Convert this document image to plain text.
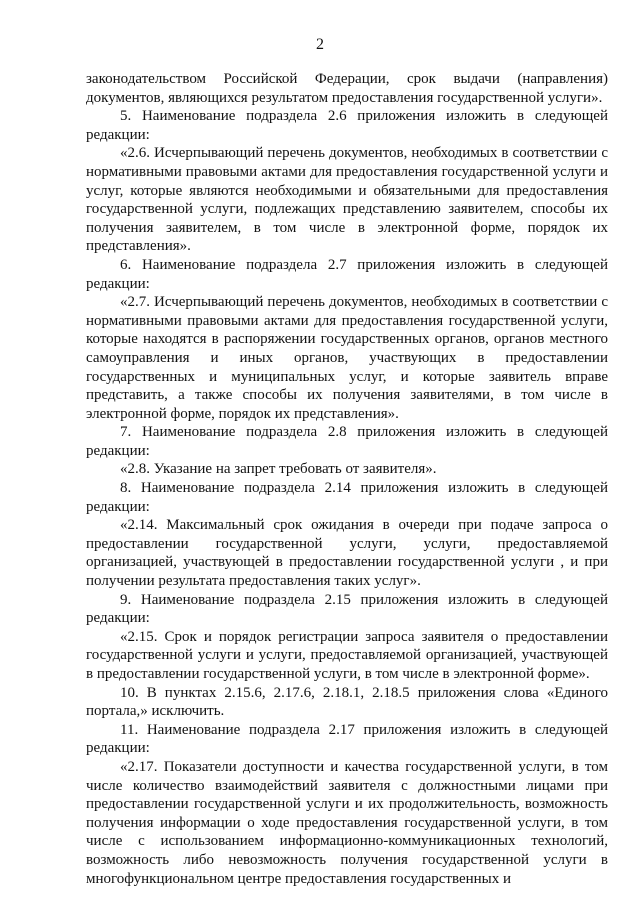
2

законодательством Российской Федерации, срок выдачи (направления) документов, являющихся результатом предоставления государственной услуги».

5. Наименование подраздела 2.6 приложения изложить в следующей редакции:

«2.6. Исчерпывающий перечень документов, необходимых в соответствии с нормативными правовыми актами для предоставления государственной услуги и услуг, которые являются необходимыми и обязательными для предоставления государственной услуги, подлежащих представлению заявителем, способы их получения заявителем, в том числе в электронной форме, порядок их представления».

6. Наименование подраздела 2.7 приложения изложить в следующей редакции:

«2.7. Исчерпывающий перечень документов, необходимых в соответствии с нормативными правовыми актами для предоставления государственной услуги, которые находятся в распоряжении государственных органов, органов местного самоуправления и иных органов, участвующих в предоставлении государственных и муниципальных услуг, и которые заявитель вправе представить, а также способы их получения заявителями, в том числе в электронной форме, порядок их представления».

7. Наименование подраздела 2.8 приложения изложить в следующей редакции:

«2.8. Указание на запрет требовать от заявителя».

8. Наименование подраздела 2.14 приложения изложить в следующей редакции:

«2.14. Максимальный срок ожидания в очереди при подаче запроса о предоставлении государственной услуги, услуги, предоставляемой организацией, участвующей в предоставлении государственной услуги , и при получении результата предоставления таких услуг».

9. Наименование подраздела 2.15 приложения изложить в следующей редакции:

«2.15. Срок и порядок регистрации запроса заявителя о предоставлении государственной услуги и услуги, предоставляемой организацией, участвующей в предоставлении государственной услуги, в том числе в электронной форме».

10. В пунктах 2.15.6, 2.17.6, 2.18.1, 2.18.5 приложения слова «Единого портала,» исключить.

11. Наименование подраздела 2.17 приложения изложить в следующей редакции:

«2.17. Показатели доступности и качества государственной услуги, в том числе количество взаимодействий заявителя с должностными лицами при предоставлении государственной услуги и их продолжительность, возможность получения информации о ходе предоставления государственной услуги, в том числе с использованием информационно-коммуникационных технологий, возможность либо невозможность получения государственной услуги в многофункциональном центре предоставления государственных и
